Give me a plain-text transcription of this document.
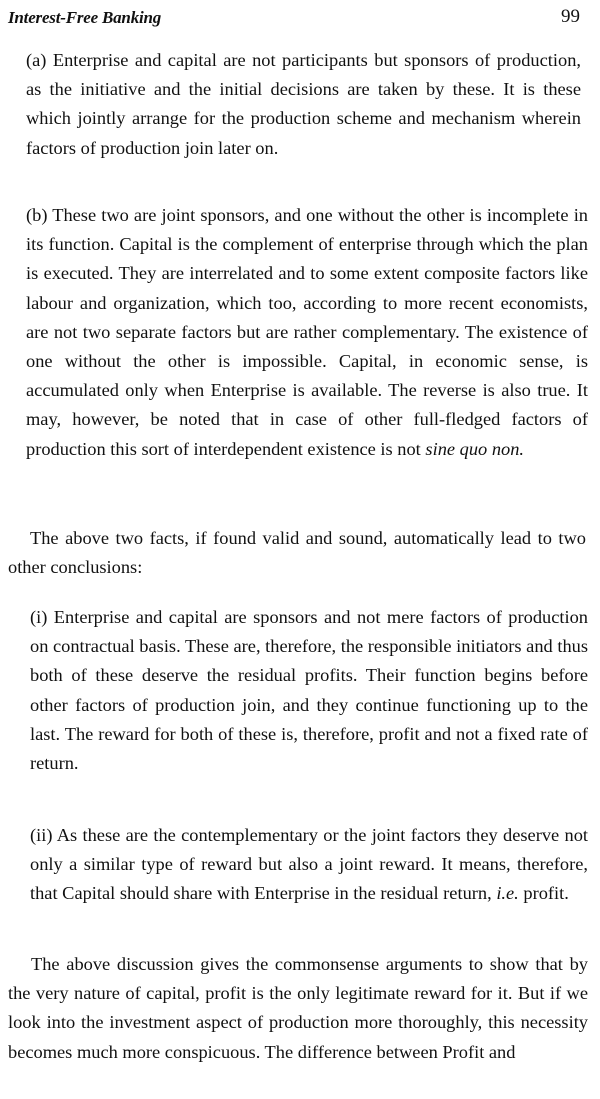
Interest-Free Banking	99

(a) Enterprise and capital are not participants but sponsors of production, as the initiative and the initial decisions are taken by these. It is these which jointly arrange for the production scheme and mechanism wherein factors of production join later on.

(b) These two are joint sponsors, and one without the other is incomplete in its function. Capital is the complement of enterprise through which the plan is executed. They are interrelated and to some extent composite factors like labour and organization, which too, according to more recent economists, are not two separate factors but are rather complementary. The existence of one without the other is impossible. Capital, in economic sense, is accumulated only when Enterprise is available. The reverse is also true. It may, however, be noted that in case of other full-fledged factors of production this sort of interdependent existence is not sine quo non.

The above two facts, if found valid and sound, automatically lead to two other conclusions:

(i) Enterprise and capital are sponsors and not mere factors of production on contractual basis. These are, therefore, the responsible initiators and thus both of these deserve the residual profits. Their function begins before other factors of production join, and they continue functioning up to the last. The reward for both of these is, therefore, profit and not a fixed rate of return.

(ii) As these are the contemplementary or the joint factors they deserve not only a similar type of reward but also a joint reward. It means, therefore, that Capital should share with Enterprise in the residual return, i.e. profit.

The above discussion gives the commonsense arguments to show that by the very nature of capital, profit is the only legitimate reward for it. But if we look into the investment aspect of production more thoroughly, this necessity becomes much more conspicuous. The difference between Profit and
